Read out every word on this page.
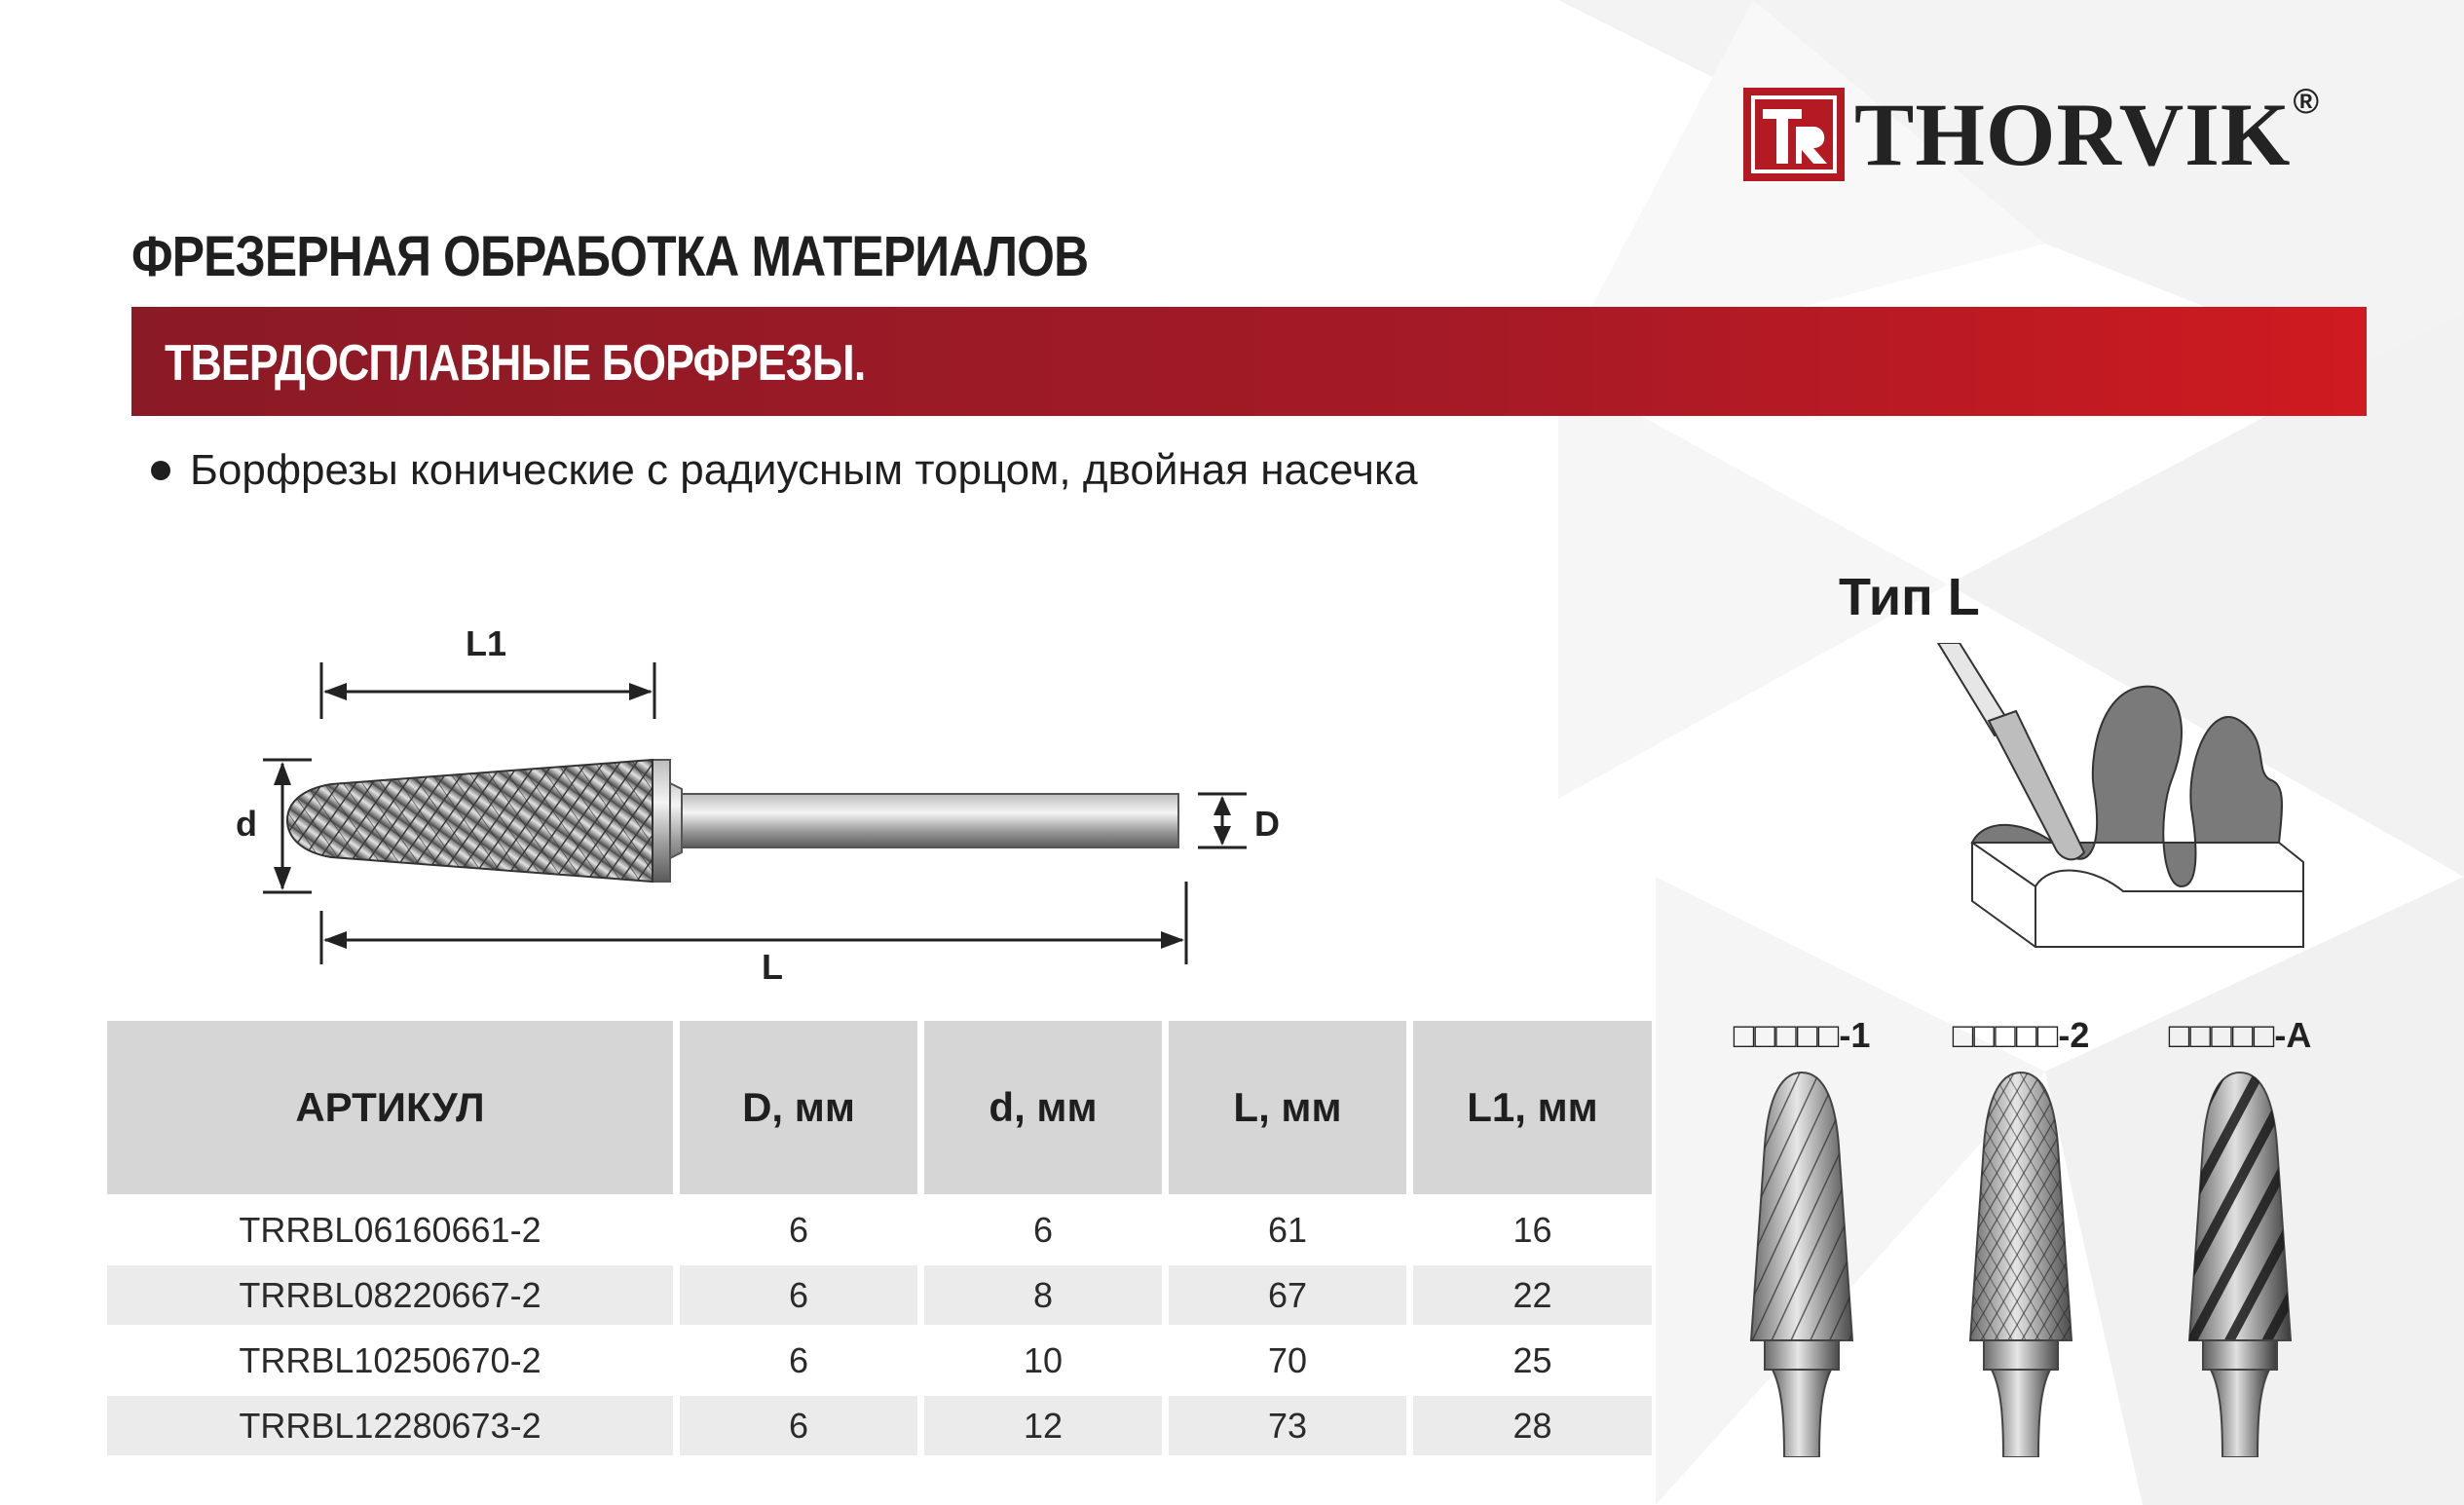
THORVIK ®
ФРЕЗЕРНАЯ ОБРАБОТКА МАТЕРИАЛОВ
ТВЕРДОСПЛАВНЫЕ БОРФРЕЗЫ.
Борфрезы конические с радиусным торцом, двойная насечка
L1
d	D
L
Тип L
АРТИКУЛ	D, мм	d, мм	L, мм	L1, мм
TRRBL06160661-2	6	6	61	16
TRRBL08220667-2	6	8	67	22
TRRBL10250670-2	6	10	70	25
TRRBL12280673-2	6	12	73	28
□□□□□-1	□□□□□-2	□□□□□-A
